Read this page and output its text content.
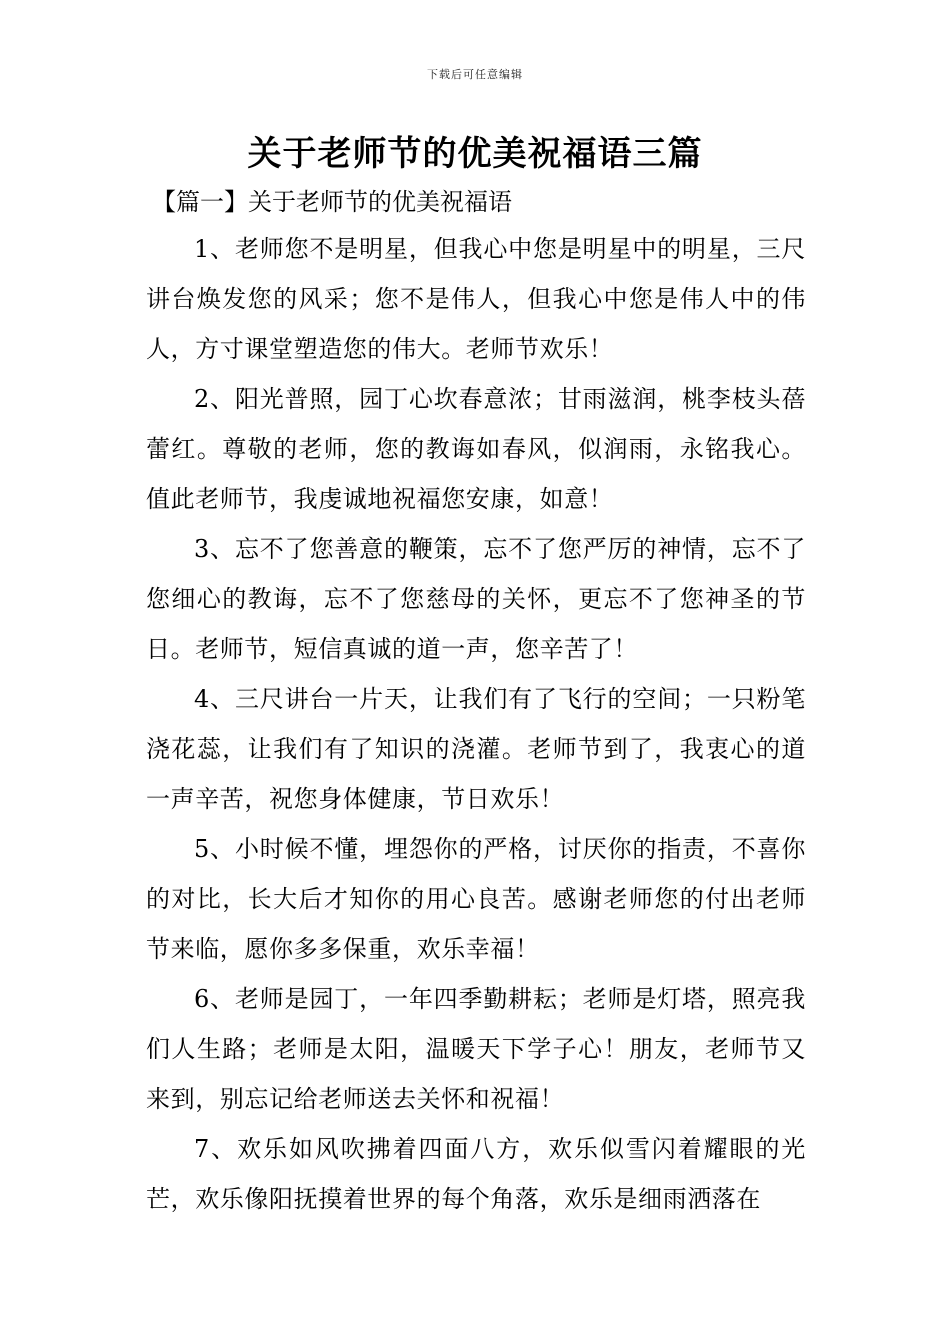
下载后可任意编辑
关于老师节的优美祝福语三篇
【篇一】关于老师节的优美祝福语

1、老师您不是明星，但我心中您是明星中的明星，三尺讲台焕发您的风采；您不是伟人，但我心中您是伟人中的伟人，方寸课堂塑造您的伟大。老师节欢乐！

2、阳光普照，园丁心坎春意浓；甘雨滋润，桃李枝头蓓蕾红。尊敬的老师，您的教诲如春风，似润雨，永铭我心。值此老师节，我虔诚地祝福您安康，如意！

3、忘不了您善意的鞭策，忘不了您严厉的神情，忘不了您细心的教诲，忘不了您慈母的关怀，更忘不了您神圣的节日。老师节，短信真诚的道一声，您辛苦了！

4、三尺讲台一片天，让我们有了飞行的空间；一只粉笔浇花蕊，让我们有了知识的浇灌。老师节到了，我衷心的道一声辛苦，祝您身体健康，节日欢乐！

5、小时候不懂，埋怨你的严格，讨厌你的指责，不喜你的对比，长大后才知你的用心良苦。感谢老师您的付出老师节来临，愿你多多保重，欢乐幸福！

6、老师是园丁，一年四季勤耕耘；老师是灯塔，照亮我们人生路；老师是太阳，温暖天下学子心！朋友，老师节又来到，别忘记给老师送去关怀和祝福！

7、欢乐如风吹拂着四面八方，欢乐似雪闪着耀眼的光芒，欢乐像阳抚摸着世界的每个角落，欢乐是细雨洒落在
